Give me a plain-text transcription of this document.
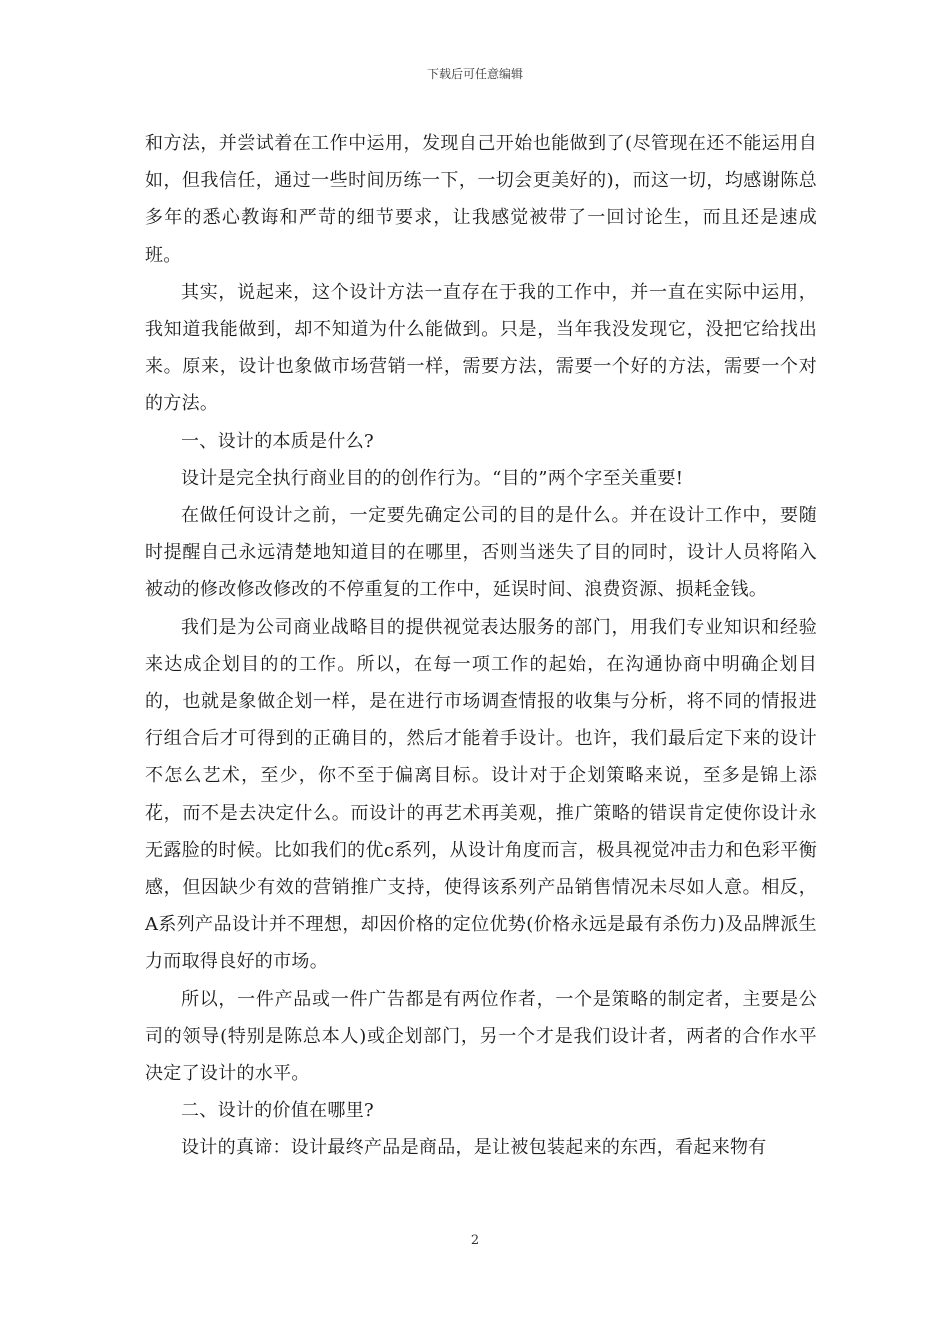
下载后可任意编辑

和方法，并尝试着在工作中运用，发现自己开始也能做到了(尽管现在还不能运用自如，但我信任，通过一些时间历练一下，一切会更美好的)，而这一切，均感谢陈总多年的悉心教诲和严苛的细节要求，让我感觉被带了一回讨论生，而且还是速成班。

其实，说起来，这个设计方法一直存在于我的工作中，并一直在实际中运用，我知道我能做到，却不知道为什么能做到。只是，当年我没发现它，没把它给找出来。原来，设计也象做市场营销一样，需要方法，需要一个好的方法，需要一个对的方法。

一、设计的本质是什么?

设计是完全执行商业目的的创作行为。“目的”两个字至关重要!

在做任何设计之前，一定要先确定公司的目的是什么。并在设计工作中，要随时提醒自己永远清楚地知道目的在哪里，否则当迷失了目的同时，设计人员将陷入被动的修改修改修改的不停重复的工作中，延误时间、浪费资源、损耗金钱。

我们是为公司商业战略目的提供视觉表达服务的部门，用我们专业知识和经验来达成企划目的的工作。所以，在每一项工作的起始，在沟通协商中明确企划目的，也就是象做企划一样，是在进行市场调查情报的收集与分析，将不同的情报进行组合后才可得到的正确目的，然后才能着手设计。也许，我们最后定下来的设计不怎么艺术，至少，你不至于偏离目标。设计对于企划策略来说，至多是锦上添花，而不是去决定什么。而设计的再艺术再美观，推广策略的错误肯定使你设计永无露脸的时候。比如我们的优c系列，从设计角度而言，极具视觉冲击力和色彩平衡感，但因缺少有效的营销推广支持，使得该系列产品销售情况未尽如人意。相反，A系列产品设计并不理想，却因价格的定位优势(价格永远是最有杀伤力)及品牌派生力而取得良好的市场。

所以，一件产品或一件广告都是有两位作者，一个是策略的制定者，主要是公司的领导(特别是陈总本人)或企划部门，另一个才是我们设计者，两者的合作水平决定了设计的水平。

二、设计的价值在哪里?

设计的真谛：设计最终产品是商品，是让被包装起来的东西，看起来物有

2
